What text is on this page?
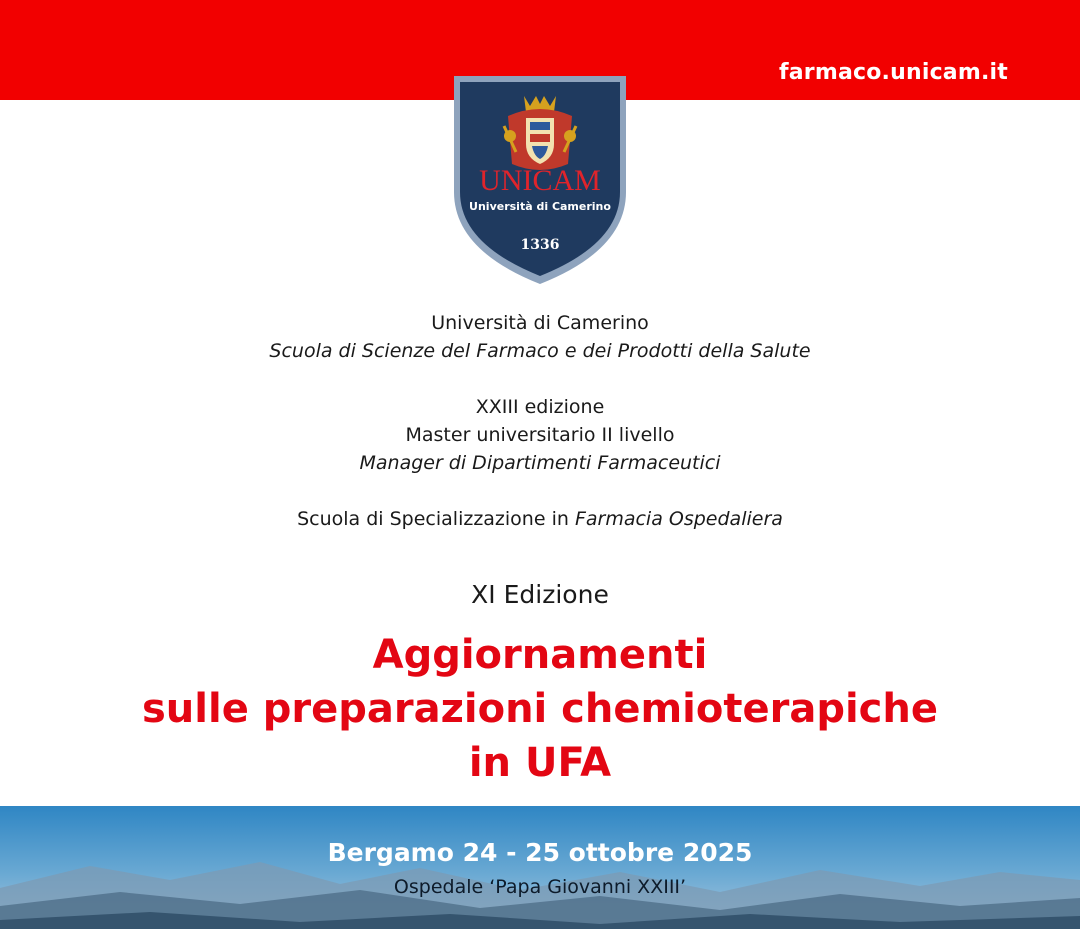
farmaco.unicam.it
UNICAM
Università di Camerino
1336
Università di Camerino
Scuola di Scienze del Farmaco e dei Prodotti della Salute
XXIII edizione
Master universitario II livello
Manager di Dipartimenti Farmaceutici
Scuola di Specializzazione in Farmacia Ospedaliera
XI Edizione
Aggiornamenti
sulle preparazioni chemioterapiche
in UFA
Bergamo 24 - 25 ottobre 2025
Ospedale ‘Papa Giovanni XXIII’
